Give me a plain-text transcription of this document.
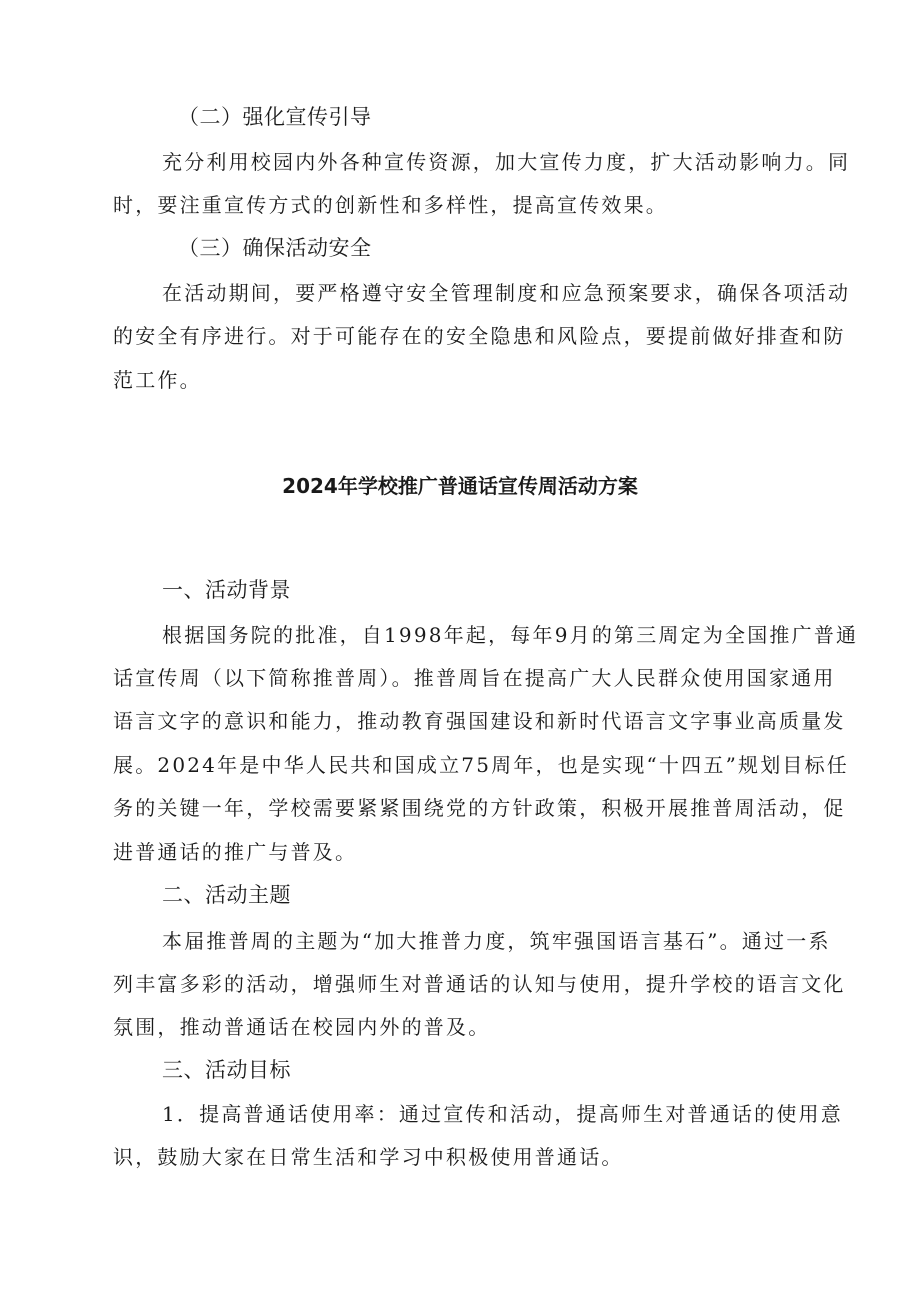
（二）强化宣传引导
充分利用校园内外各种宣传资源，加大宣传力度，扩大活动影响力。同
时，要注重宣传方式的创新性和多样性，提高宣传效果。
（三）确保活动安全
在活动期间，要严格遵守安全管理制度和应急预案要求，确保各项活动
的安全有序进行。对于可能存在的安全隐患和风险点，要提前做好排查和防
范工作。
2024年学校推广普通话宣传周活动方案
一、活动背景
根据国务院的批准，自1998年起，每年9月的第三周定为全国推广普通
话宣传周（以下简称推普周）。推普周旨在提高广大人民群众使用国家通用
语言文字的意识和能力，推动教育强国建设和新时代语言文字事业高质量发
展。2024年是中华人民共和国成立75周年，也是实现“十四五”规划目标任
务的关键一年，学校需要紧紧围绕党的方针政策，积极开展推普周活动，促
进普通话的推广与普及。
二、活动主题
本届推普周的主题为“加大推普力度，筑牢强国语言基石”。通过一系
列丰富多彩的活动，增强师生对普通话的认知与使用，提升学校的语言文化
氛围，推动普通话在校园内外的普及。
三、活动目标
1．提高普通话使用率：通过宣传和活动，提高师生对普通话的使用意
识，鼓励大家在日常生活和学习中积极使用普通话。
